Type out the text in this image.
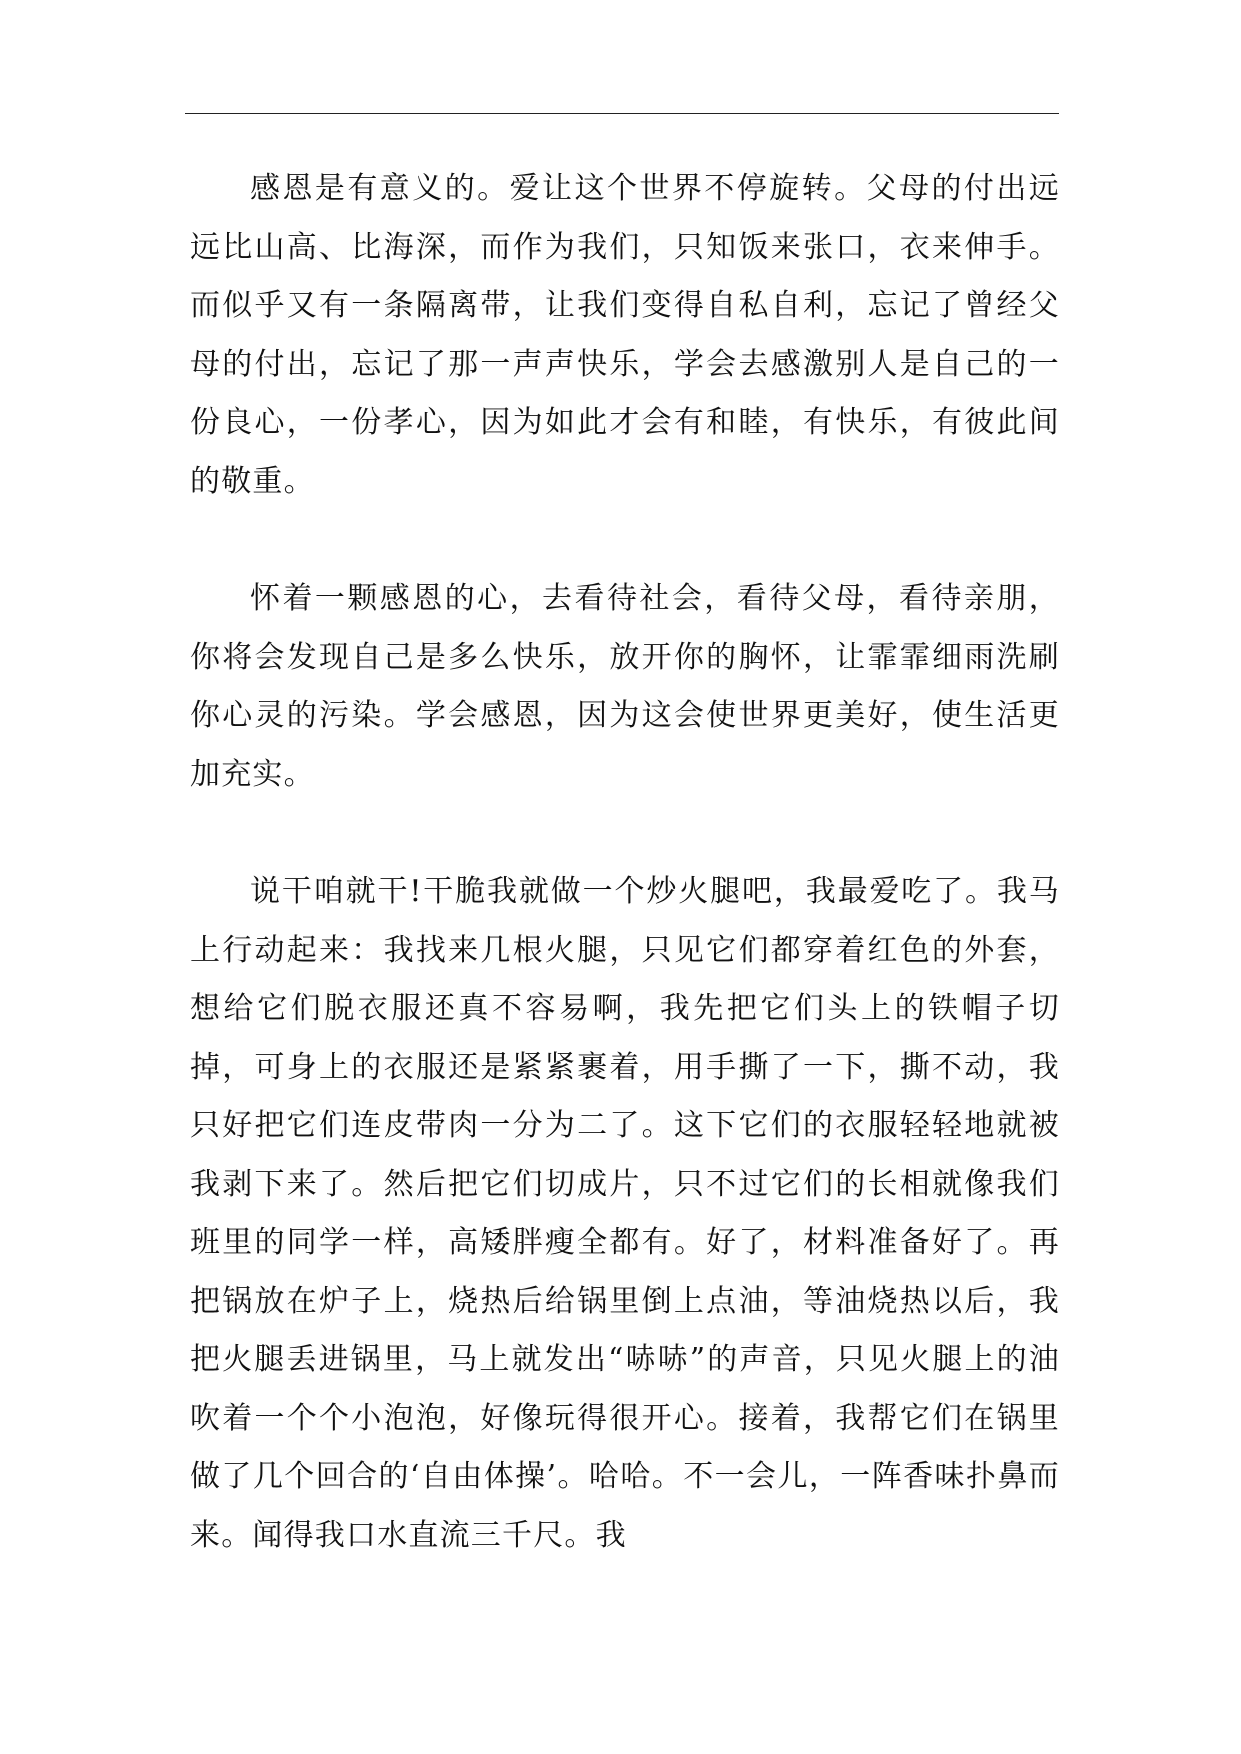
感恩是有意义的。爱让这个世界不停旋转。父母的付出远远比山高、比海深，而作为我们，只知饭来张口，衣来伸手。而似乎又有一条隔离带，让我们变得自私自利，忘记了曾经父母的付出，忘记了那一声声快乐，学会去感激别人是自己的一份良心，一份孝心，因为如此才会有和睦，有快乐，有彼此间的敬重。

怀着一颗感恩的心，去看待社会，看待父母，看待亲朋，你将会发现自己是多么快乐，放开你的胸怀，让霏霏细雨洗刷你心灵的污染。学会感恩，因为这会使世界更美好，使生活更加充实。

说干咱就干!干脆我就做一个炒火腿吧，我最爱吃了。我马上行动起来：我找来几根火腿，只见它们都穿着红色的外套，想给它们脱衣服还真不容易啊，我先把它们头上的铁帽子切掉，可身上的衣服还是紧紧裹着，用手撕了一下，撕不动，我只好把它们连皮带肉一分为二了。这下它们的衣服轻轻地就被我剥下来了。然后把它们切成片，只不过它们的长相就像我们班里的同学一样，高矮胖瘦全都有。好了，材料准备好了。再把锅放在炉子上，烧热后给锅里倒上点油，等油烧热以后，我把火腿丢进锅里，马上就发出“哧哧”的声音，只见火腿上的油吹着一个个小泡泡，好像玩得很开心。接着，我帮它们在锅里做了几个回合的‘自由体操’。哈哈。不一会儿，一阵香味扑鼻而来。闻得我口水直流三千尺。我
